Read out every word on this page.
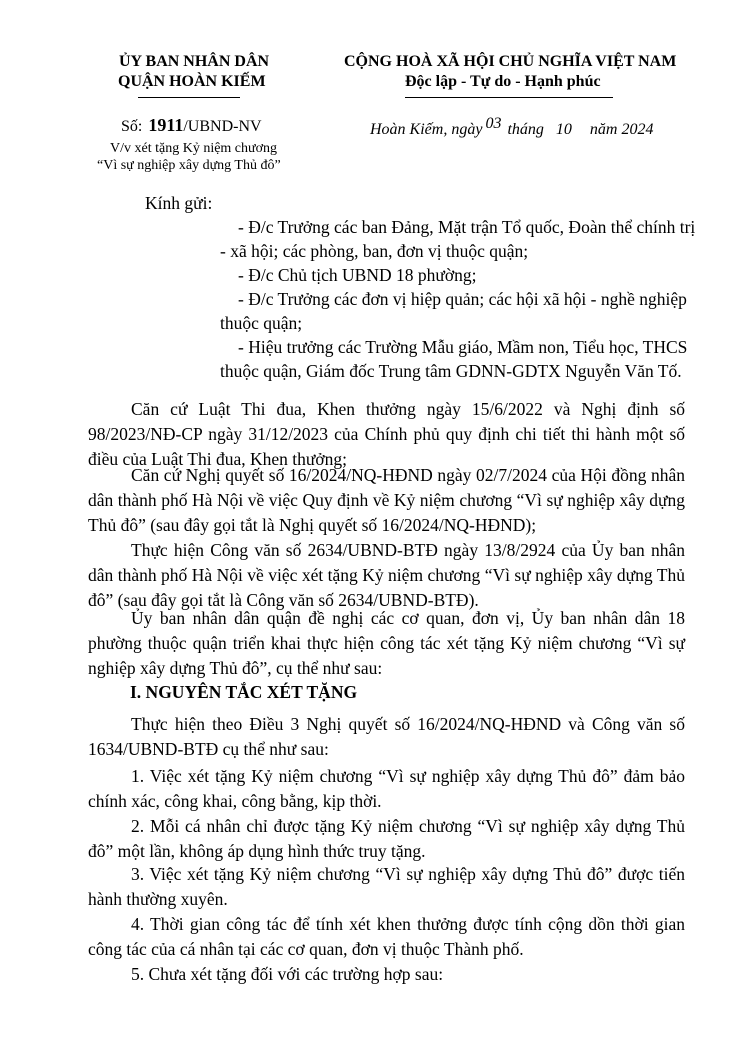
ỦY BAN NHÂN DÂN
QUẬN HOÀN KIẾM
CỘNG HOÀ XÃ HỘI CHỦ NGHĨA VIỆT NAM
Độc lập - Tự do - Hạnh phúc
Số: 1911/UBND-NV
V/v xét tặng Kỷ niệm chương
“Vì sự nghiệp xây dựng Thủ đô”
Hoàn Kiếm, ngày 03 tháng 10 năm 2024
Kính gửi:
- Đ/c Trưởng các ban Đảng, Mặt trận Tổ quốc, Đoàn thể chính trị
- xã hội; các phòng, ban, đơn vị thuộc quận;
- Đ/c Chủ tịch UBND 18 phường;
- Đ/c Trưởng các đơn vị hiệp quản; các hội xã hội - nghề nghiệp
thuộc quận;
- Hiệu trưởng các Trường Mẫu giáo, Mầm non, Tiểu học, THCS
thuộc quận, Giám đốc Trung tâm GDNN-GDTX Nguyễn Văn Tố.

Căn cứ Luật Thi đua, Khen thưởng ngày 15/6/2022 và Nghị định số 98/2023/NĐ-CP ngày 31/12/2023 của Chính phủ quy định chi tiết thi hành một số điều của Luật Thi đua, Khen thưởng;

Căn cứ Nghị quyết số 16/2024/NQ-HĐND ngày 02/7/2024 của Hội đồng nhân dân thành phố Hà Nội về việc Quy định về Kỷ niệm chương “Vì sự nghiệp xây dựng Thủ đô” (sau đây gọi tắt là Nghị quyết số 16/2024/NQ-HĐND);

Thực hiện Công văn số 2634/UBND-BTĐ ngày 13/8/2924 của Ủy ban nhân dân thành phố Hà Nội về việc xét tặng Kỷ niệm chương “Vì sự nghiệp xây dựng Thủ đô” (sau đây gọi tắt là Công văn số 2634/UBND-BTĐ).

Ủy ban nhân dân quận đề nghị các cơ quan, đơn vị, Ủy ban nhân dân 18 phường thuộc quận triển khai thực hiện công tác xét tặng Kỷ niệm chương “Vì sự nghiệp xây dựng Thủ đô”, cụ thể như sau:

I. NGUYÊN TẮC XÉT TẶNG

Thực hiện theo Điều 3 Nghị quyết số 16/2024/NQ-HĐND và Công văn số 1634/UBND-BTĐ cụ thể như sau:

1. Việc xét tặng Kỷ niệm chương “Vì sự nghiệp xây dựng Thủ đô” đảm bảo chính xác, công khai, công bằng, kịp thời.

2. Mỗi cá nhân chỉ được tặng Kỷ niệm chương “Vì sự nghiệp xây dựng Thủ đô” một lần, không áp dụng hình thức truy tặng.

3. Việc xét tặng Kỷ niệm chương “Vì sự nghiệp xây dựng Thủ đô” được tiến hành thường xuyên.

4. Thời gian công tác để tính xét khen thưởng được tính cộng dồn thời gian công tác của cá nhân tại các cơ quan, đơn vị thuộc Thành phố.

5. Chưa xét tặng đối với các trường hợp sau:
